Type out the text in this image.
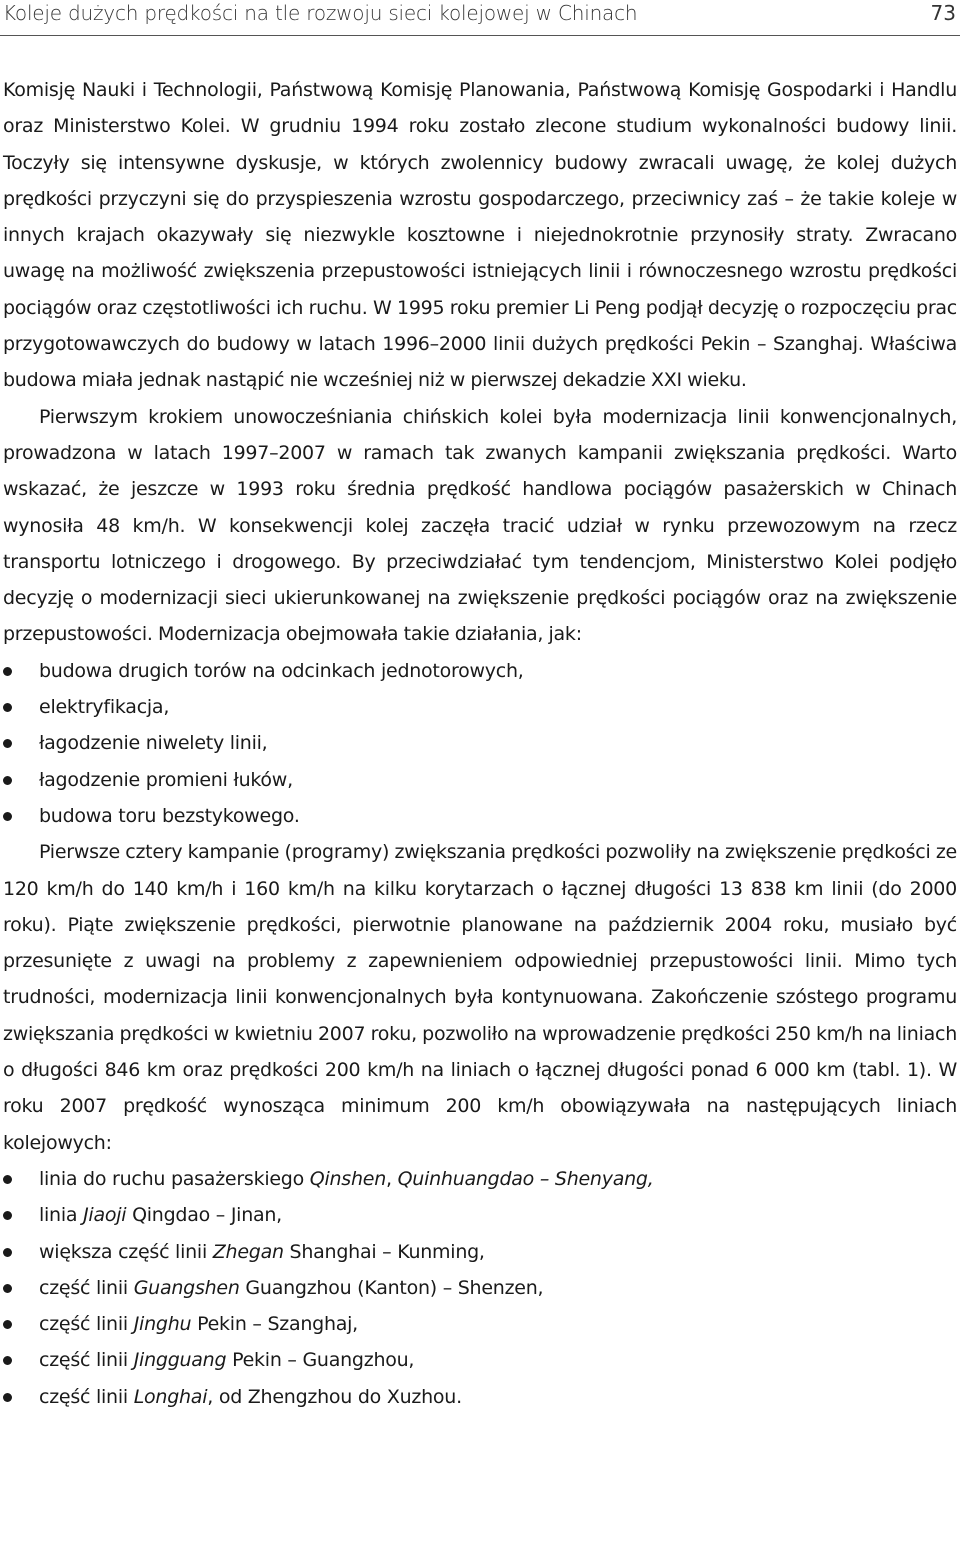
Koleje dużych prędkości na tle rozwoju sieci kolejowej w Chinach	73

Komisję Nauki i Technologii, Państwową Komisję Planowania, Państwową Komisję Gospodarki i Handlu oraz Ministerstwo Kolei. W grudniu 1994 roku zostało zlecone studium wykonalności budowy linii. Toczyły się intensywne dyskusje, w których zwolennicy budowy zwracali uwagę, że kolej dużych prędkości przyczyni się do przyspieszenia wzrostu gospodarczego, przeciwnicy zaś – że takie koleje w innych krajach okazywały się niezwykle kosztowne i niejednokrotnie przynosiły straty. Zwracano uwagę na możliwość zwiększenia przepustowości istniejących linii i równoczesnego wzrostu prędkości pociągów oraz częstotliwości ich ruchu. W 1995 roku premier Li Peng podjął decyzję o rozpoczęciu prac przygotowawczych do budowy w latach 1996–2000 linii dużych prędkości Pekin – Szanghaj. Właściwa budowa miała jednak nastąpić nie wcześniej niż w pierwszej dekadzie XXI wieku.

Pierwszym krokiem unowocześniania chińskich kolei była modernizacja linii konwencjonalnych, prowadzona w latach 1997–2007 w ramach tak zwanych kampanii zwiększania prędkości. Warto wskazać, że jeszcze w 1993 roku średnia prędkość handlowa pociągów pasażerskich w Chinach wynosiła 48 km/h. W konsekwencji kolej zaczęła tracić udział w rynku przewozowym na rzecz transportu lotniczego i drogowego. By przeciwdziałać tym tendencjom, Ministerstwo Kolei podjęło decyzję o modernizacji sieci ukierunkowanej na zwiększenie prędkości pociągów oraz na zwiększenie przepustowości. Modernizacja obejmowała takie działania, jak:

budowa drugich torów na odcinkach jednotorowych,
elektryfikacja,
łagodzenie niwelety linii,
łagodzenie promieni łuków,
budowa toru bezstykowego.

Pierwsze cztery kampanie (programy) zwiększania prędkości pozwoliły na zwiększenie prędkości ze 120 km/h do 140 km/h i 160 km/h na kilku korytarzach o łącznej długości 13 838 km linii (do 2000 roku). Piąte zwiększenie prędkości, pierwotnie planowane na październik 2004 roku, musiało być przesunięte z uwagi na problemy z zapewnieniem odpowiedniej przepustowości linii. Mimo tych trudności, modernizacja linii konwencjonalnych była kontynuowana. Zakończenie szóstego programu zwiększania prędkości w kwietniu 2007 roku, pozwoliło na wprowadzenie prędkości 250 km/h na liniach o długości 846 km oraz prędkości 200 km/h na liniach o łącznej długości ponad 6 000 km (tabl. 1). W roku 2007 prędkość wynosząca minimum 200 km/h obowiązywała na następujących liniach kolejowych:

linia do ruchu pasażerskiego Qinshen, Quinhuangdao – Shenyang,
linia Jiaoji Qingdao – Jinan,
większa część linii Zhegan Shanghai – Kunming,
część linii Guangshen Guangzhou (Kanton) – Shenzen,
część linii Jinghu Pekin – Szanghaj,
część linii Jingguang Pekin – Guangzhou,
część linii Longhai, od Zhengzhou do Xuzhou.
